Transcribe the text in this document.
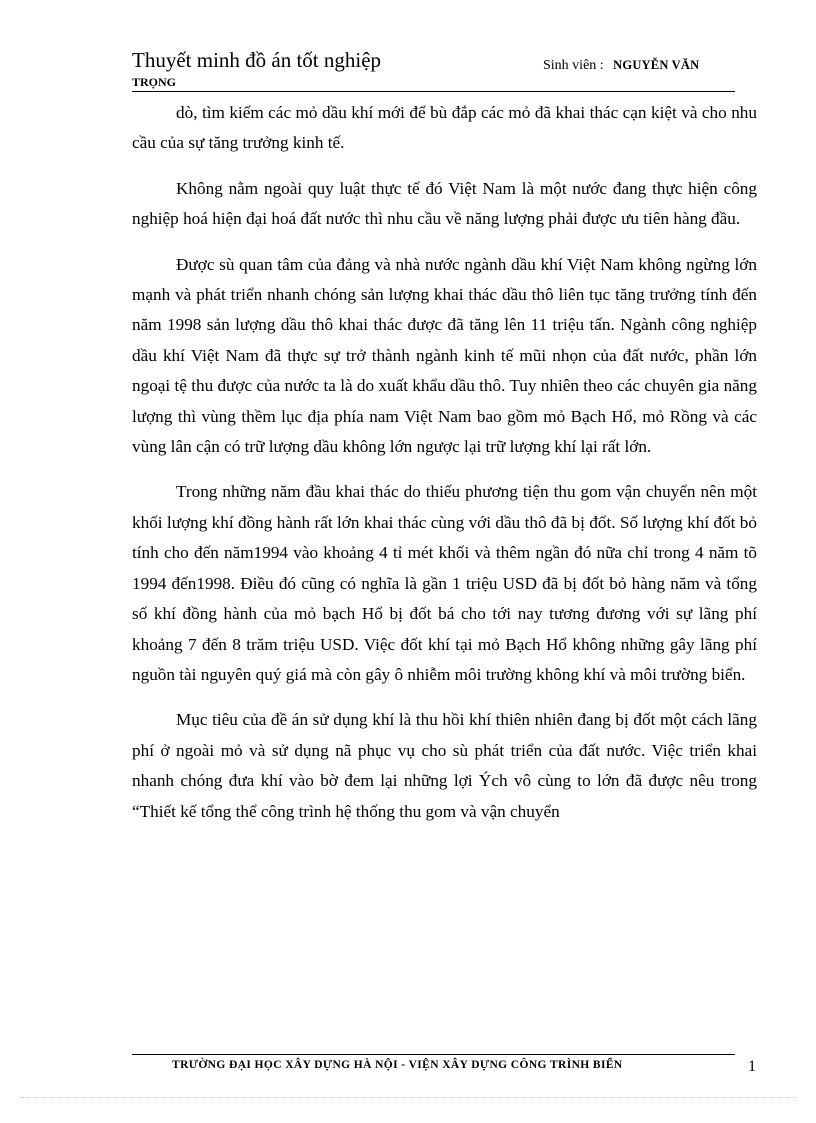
Thuyết minh đồ án tốt nghiệp
TRỌNG
Sinh viên : NGUYỄN VĂN

dò, tìm kiếm các mỏ dầu khí mới để bù đắp các mỏ đã khai thác cạn kiệt và cho nhu cầu của sự tăng trưởng kinh tế.

Không nằm ngoài quy luật thực tế đó Việt Nam là một nước đang thực hiện công nghiệp hoá hiện đại hoá đất nước thì nhu cầu về năng lượng phải được ưu tiên hàng đầu.

Được sù quan tâm của đảng và nhà nước ngành dầu khí Việt Nam không ngừng lớn mạnh và phát triển nhanh chóng sản lượng khai thác dầu thô liên tục tăng trưởng tính đến năm 1998 sản lượng dầu thô khai thác được đã tăng lên 11 triệu tấn. Ngành công nghiệp dầu khí Việt Nam đã thực sự trở thành ngành kinh tế mũi nhọn của đất nước, phần lớn ngoại tệ thu được của nước ta là do xuất khẩu dầu thô. Tuy nhiên theo các chuyên gia năng lượng thì vùng thềm lục địa phía nam Việt Nam bao gồm mỏ Bạch Hổ, mỏ Rồng và các vùng lân cận có trữ lượng dầu không lớn ngược lại trữ lượng khí lại rất lớn.

Trong những năm đầu khai thác do thiếu phương tiện thu gom vận chuyển nên một khối lượng khí đồng hành rất lớn khai thác cùng với dầu thô đã bị đốt. Số lượng khí đốt bỏ tính cho đến năm1994 vào khoảng 4 tỉ mét khối và thêm ngần đó nữa chỉ trong 4 năm tõ 1994 đến1998. Điều đó cũng có nghĩa là gần 1 triệu USD đã bị đốt bỏ hàng năm và tổng số khí đồng hành của mỏ bạch Hổ bị đốt bá cho tới nay tương đương với sự lãng phí khoảng 7 đến 8 trăm triệu USD. Việc đốt khí tại mỏ Bạch Hổ không những gây lãng phí nguồn tài nguyên quý giá mà còn gây ô nhiễm môi trường không khí và môi trường biển.

Mục tiêu của đề án sử dụng khí là thu hồi khí thiên nhiên đang bị đốt một cách lãng phí ở ngoài mỏ và sử dụng nã phục vụ cho sù phát triển của đất nước. Việc triển khai nhanh chóng đưa khí vào bờ đem lại những lợi Ých vô cùng to lớn đã được nêu trong “Thiết kế tổng thể công trình hệ thống thu gom và vận chuyển

TRƯỜNG ĐẠI HỌC XÂY DỰNG HÀ NỘI - VIỆN XÂY DỰNG CÔNG TRÌNH BIỂN	1
